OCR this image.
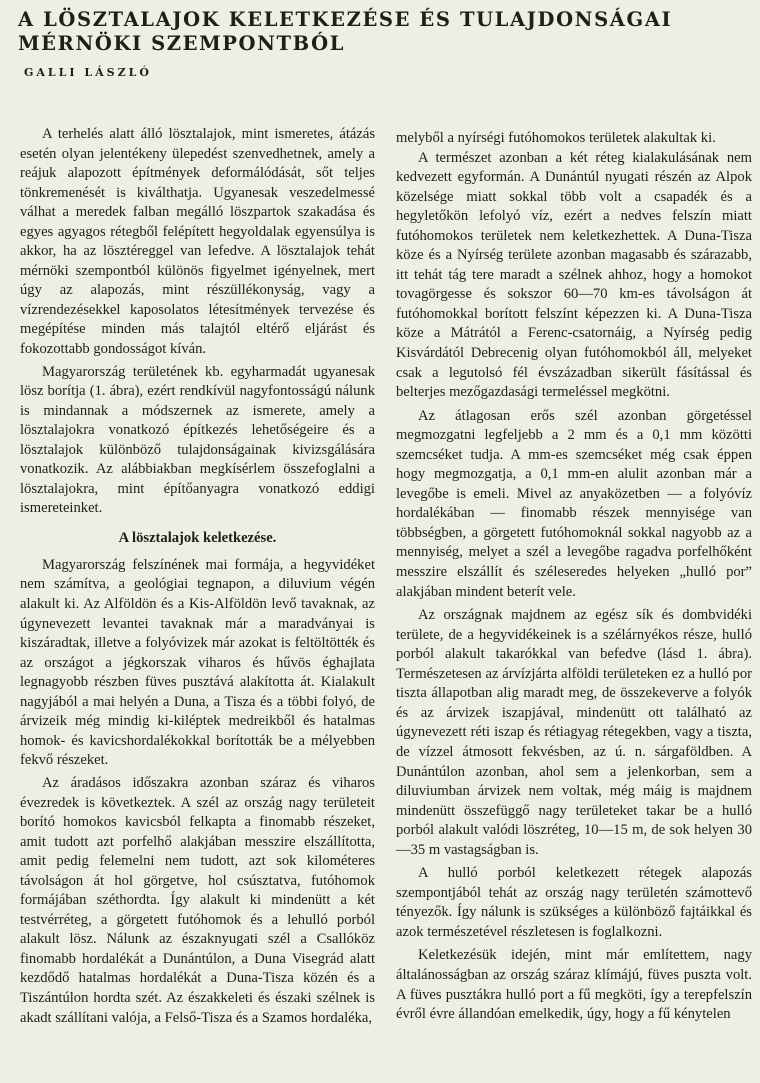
A LÖSZTALAJOK KELETKEZÉSE ÉS TULAJDONSÁGAI
MÉRNÖKI SZEMPONTBÓL

GALLI LÁSZLÓ

A terhelés alatt álló lösztalajok, mint ismeretes, átázás esetén olyan jelentékeny ülepedést szenvedhetnek, amely a reájuk alapozott építmények deformálódását, sőt teljes tönkremenését is kiválthatja. Ugyanesak veszedelmessé válhat a meredek falban megálló löszpartok szakadása és egyes agyagos rétegből felépített hegyoldalak egyensúlya is akkor, ha az lösztéreggel van lefedve. A lösztalajok tehát mérnöki szempontból különös figyelmet igényelnek, mert úgy az alapozás, mint részüllékonyság, vagy a vízrendezésekkel kaposolatos létesítmények tervezése és megépítése minden más talajtól eltérő eljárást és fokozottabb gondosságot kíván.

Magyarország területének kb. egyharmadát ugyanesak lösz borítja (1. ábra), ezért rendkívül nagyfontosságú nálunk is mindannak a módszernek az ismerete, amely a lösztalajokra vonatkozó építkezés lehetőségeire és a lösztalajok különböző tulajdonságainak kivizsgálására vonatkozik. Az alábbiakban megkísérlem összefoglalni a lösztalajokra, mint építőanyagra vonatkozó eddigi ismereteinket.

A lösztalajok keletkezése.

Magyarország felszínének mai formája, a hegyvidéket nem számítva, a geológiai tegnapon, a diluvium végén alakult ki. Az Alföldön és a Kis-Alföldön levő tavaknak, az úgynevezett levantei tavaknak már a maradványai is kiszáradtak, illetve a folyóvizek már azokat is feltöltötték és az országot a jégkorszak viharos és hűvös éghajlata legnagyobb részben füves pusztává alakította át. Kialakult nagyjából a mai helyén a Duna, a Tisza és a többi folyó, de árvizeik még mindig ki-kiléptek medreikből és hatalmas homok- és kavicshordalékokkal borították be a mélyebben fekvő részeket.

Az áradásos időszakra azonban száraz és viharos évezredek is következtek. A szél az ország nagy területeit borító homokos kavicsból felkapta a finomabb részeket, amit tudott azt porfelhő alakjában messzire elszállította, amit pedig felemelni nem tudott, azt sok kilométeres távolságon át hol görgetve, hol csúsztatva, futóhomok formájában széthordta. Így alakult ki mindenütt a két testvérréteg, a görgetett futóhomok és a lehulló porból alakult lösz. Nálunk az északnyugati szél a Csallóköz finomabb hordalékát a Dunántúlon, a Duna Visegrád alatt kezdődő hatalmas hordalékát a Duna-Tisza közén és a Tiszántúlon hordta szét. Az északkeleti és északi szélnek is akadt szállítani valója, a Felső-Tisza és a Szamos hordaléka,

melyből a nyírségi futóhomokos területek alakultak ki.

A természet azonban a két réteg kialakulásának nem kedvezett egyformán. A Dunántúl nyugati részén az Alpok közelsége miatt sokkal több volt a csapadék és a hegyletőkön lefolyó víz, ezért a nedves felszín miatt futóhomokos területek nem keletkezhettek. A Duna-Tisza köze és a Nyírség területe azonban magasabb és szárazabb, itt tehát tág tere maradt a szélnek ahhoz, hogy a homokot tovagörgesse és sokszor 60—70 km-es távolságon át futóhomokkal borított felszínt képezzen ki. A Duna-Tisza köze a Mátrától a Ferenc-csatornáig, a Nyírség pedig Kisvárdától Debrecenig olyan futóhomokból áll, melyeket csak a legutolsó fél évszázadban sikerült fásítással és belterjes mezőgazdasági termeléssel megkötni.

Az átlagosan erős szél azonban görgetéssel megmozgatni legfeljebb a 2 mm és a 0,1 mm közötti szemcséket tudja. A mm-es szemcséket még csak éppen hogy megmozgatja, a 0,1 mm-en alulit azonban már a levegőbe is emeli. Mivel az anyaközetben — a folyóvíz hordalékában — finomabb részek mennyisége van többségben, a görgetett futóhomoknál sokkal nagyobb az a mennyiség, melyet a szél a levegőbe ragadva porfelhőként messzire elszállít és széleseredes helyeken „hulló por” alakjában mindent beterít vele.

Az országnak majdnem az egész sík és dombvidéki területe, de a hegyvidékeinek is a szélárnyékos része, hulló porból alakult takarókkal van befedve (lásd 1. ábra). Természetesen az árvízjárta alföldi területeken ez a hulló por tiszta állapotban alig maradt meg, de összekeverve a folyók és az árvizek iszapjával, mindenütt ott található az úgynevezett réti iszap és rétiagyag rétegekben, vagy a tiszta, de vízzel átmosott fekvésben, az ú. n. sárgaföldben. A Dunántúlon azonban, ahol sem a jelenkorban, sem a diluviumban árvizek nem voltak, még máig is majdnem mindenütt összefüggő nagy területeket takar be a hulló porból alakult valódi löszréteg, 10—15 m, de sok helyen 30—35 m vastagságban is.

A hulló porból keletkezett rétegek alapozás szempontjából tehát az ország nagy területén számottevő tényezők. Így nálunk is szükséges a különböző fajtáikkal és azok természetével részletesen is foglalkozni.

Keletkezésük idején, mint már említettem, nagy általánosságban az ország száraz klímájú, füves puszta volt. A füves pusztákra hulló port a fű megköti, így a terepfelszín évről évre állandóan emelkedik, úgy, hogy a fű kénytelen
